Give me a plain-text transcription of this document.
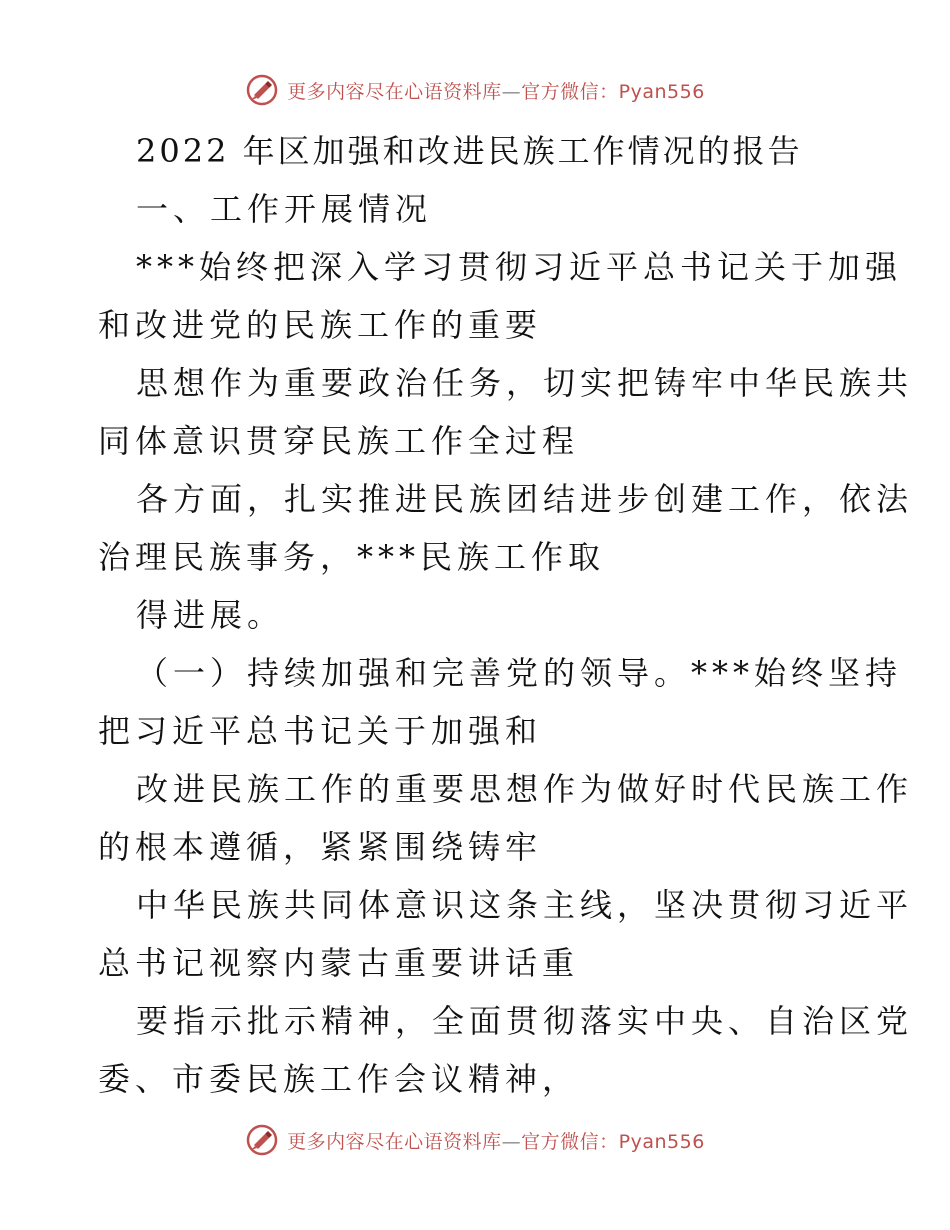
更多内容尽在心语资料库—官方微信：Pyan556

2022 年区加强和改进民族工作情况的报告

一、工作开展情况

***始终把深入学习贯彻习近平总书记关于加强

和改进党的民族工作的重要

思想作为重要政治任务，切实把铸牢中华民族共

同体意识贯穿民族工作全过程

各方面，扎实推进民族团结进步创建工作，依法

治理民族事务，***民族工作取

得进展。

（一）持续加强和完善党的领导。***始终坚持

把习近平总书记关于加强和

改进民族工作的重要思想作为做好时代民族工作

的根本遵循，紧紧围绕铸牢

中华民族共同体意识这条主线，坚决贯彻习近平

总书记视察内蒙古重要讲话重

要指示批示精神，全面贯彻落实中央、自治区党

委、市委民族工作会议精神，

更多内容尽在心语资料库—官方微信：Pyan556
